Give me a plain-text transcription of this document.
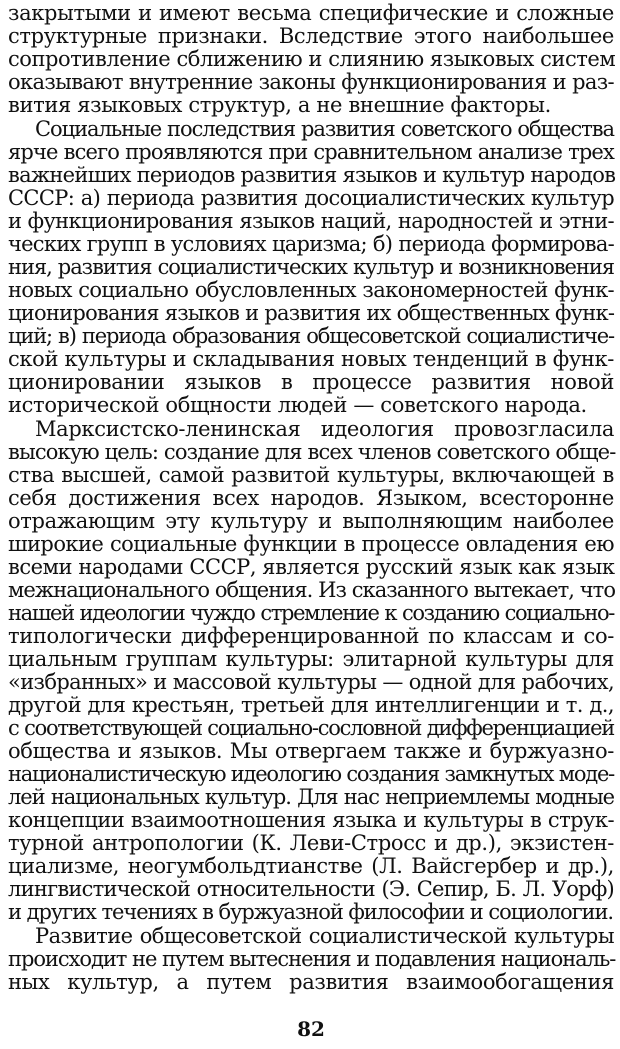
закрытыми и имеют весьма специфические и сложные
структурные признаки. Вследствие этого наибольшее
сопротивление сближению и слиянию языковых систем
оказывают внутренние законы функционирования и раз-
вития языковых структур, а не внешние факторы.
Социальные последствия развития советского общества
ярче всего проявляются при сравнительном анализе трех
важнейших периодов развития языков и культур народов
СССР: а) периода развития досоциалистических культур
и функционирования языков наций, народностей и этни-
ческих групп в условиях царизма; б) периода формирова-
ния, развития социалистических культур и возникновения
новых социально обусловленных закономерностей функ-
ционирования языков и развития их общественных функ-
ций; в) периода образования общесоветской социалистиче-
ской культуры и складывания новых тенденций в функ-
ционировании языков в процессе развития новой
исторической общности людей — советского народа.
Марксистско-ленинская идеология провозгласила
высокую цель: создание для всех членов советского обще-
ства высшей, самой развитой культуры, включающей в
себя достижения всех народов. Языком, всесторонне
отражающим эту культуру и выполняющим наиболее
широкие социальные функции в процессе овладения ею
всеми народами СССР, является русский язык как язык
межнационального общения. Из сказанного вытекает, что
нашей идеологии чуждо стремление к созданию социально-
типологически дифференцированной по классам и со-
циальным группам культуры: элитарной культуры для
«избранных» и массовой культуры — одной для рабочих,
другой для крестьян, третьей для интеллигенции и т. д.,
с соответствующей социально-сословной дифференциацией
общества и языков. Мы отвергаем также и буржуазно-
националистическую идеологию создания замкнутых моде-
лей национальных культур. Для нас неприемлемы модные
концепции взаимоотношения языка и культуры в струк-
турной антропологии (К. Леви-Стросс и др.), экзистен-
циализме, неогумбольдтианстве (Л. Вайсгербер и др.),
лингвистической относительности (Э. Сепир, Б. Л. Уорф)
и других течениях в буржуазной философии и социологии.
Развитие общесоветской социалистической культуры
происходит не путем вытеснения и подавления националь-
ных культур, а путем развития взаимообогащения
82
